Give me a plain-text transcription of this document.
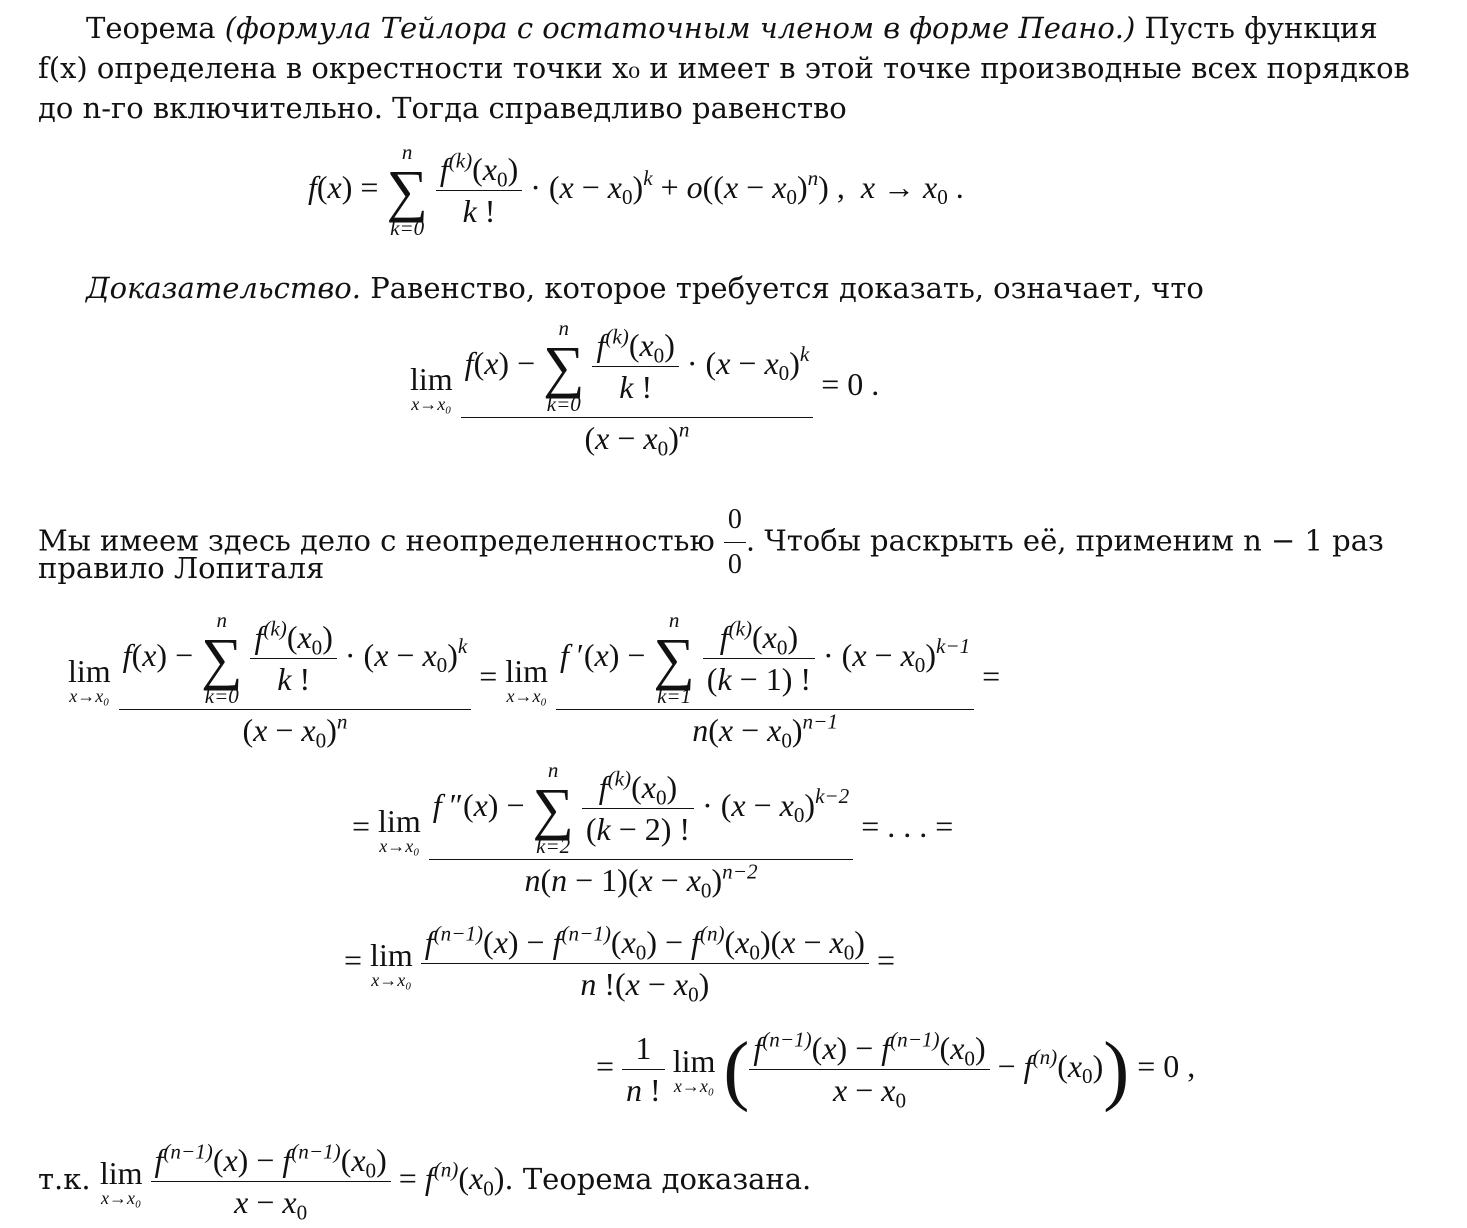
Теорема (формула Тейлора с остаточным членом в форме Пеано.) Пусть функция
f(x) определена в окрестности точки x₀ и имеет в этой точке производные всех порядков
до n-го включительно. Тогда справедливо равенство
f(x) =
n
∑
k=0
$\frac{f^{(k)}(x_0)}{k !} \cdot (x - x_0)^k + o((x - x_0)^n)$ ,  $x \to x_0$ .
Доказательство. Равенство, которое требуется доказать, означает, что
lim
x→x₀
f(x) −
n
∑
k=0
$\frac{f^{(k)}(x_0)}{k !} \cdot (x - x_0)^k$
$(x - x_0)^n = 0$ .
Мы имеем здесь дело с неопределенностью $\frac{0}{0}$ . Чтобы раскрыть её, применим n − 1 раз
правило Лопиталя
lim
x→x₀
f(x) −
n
∑
k=0
$\frac{f^{(k)}(x_0)}{k !} \cdot (x - x_0)^k$
$(x - x_0)^n = \lim$
x→x₀

f ′(x) −
n
∑
k=1
$\frac{f^{(k)}(x_0)}{(k - 1) !} \cdot (x - x_0)^{k-1}$
$n(x - x_0)^{n-1}$
=
= lim
x→x₀

f ″(x) −
n
∑
k=2
$\frac{f^{(k)}(x_0)}{(k - 2) !} \cdot (x - x_0)^{k-2}$
$n(n - 1)(x - x_0)^{n-2}$
= . . . =
= lim
x→x₀
$\frac{f^{(n-1)}(x) - f^{(n-1)}(x_0) - f^{(n)}(x_0)(x - x_0)}{n !(x - x_0)}$ =
= $\frac{1}{n !}$
lim
x→x₀ ( $\frac{f^{(n-1)}(x) - f^{(n-1)}(x_0)}{x - x_0} - f^{(n)}(x_0)) = 0$ ,
т.к. lim
x→x₀
$\frac{f^{(n-1)}(x) - f^{(n-1)}(x_0)}{x - x_0} = f^{(n)}(x_0)$. Теорема доказана.
